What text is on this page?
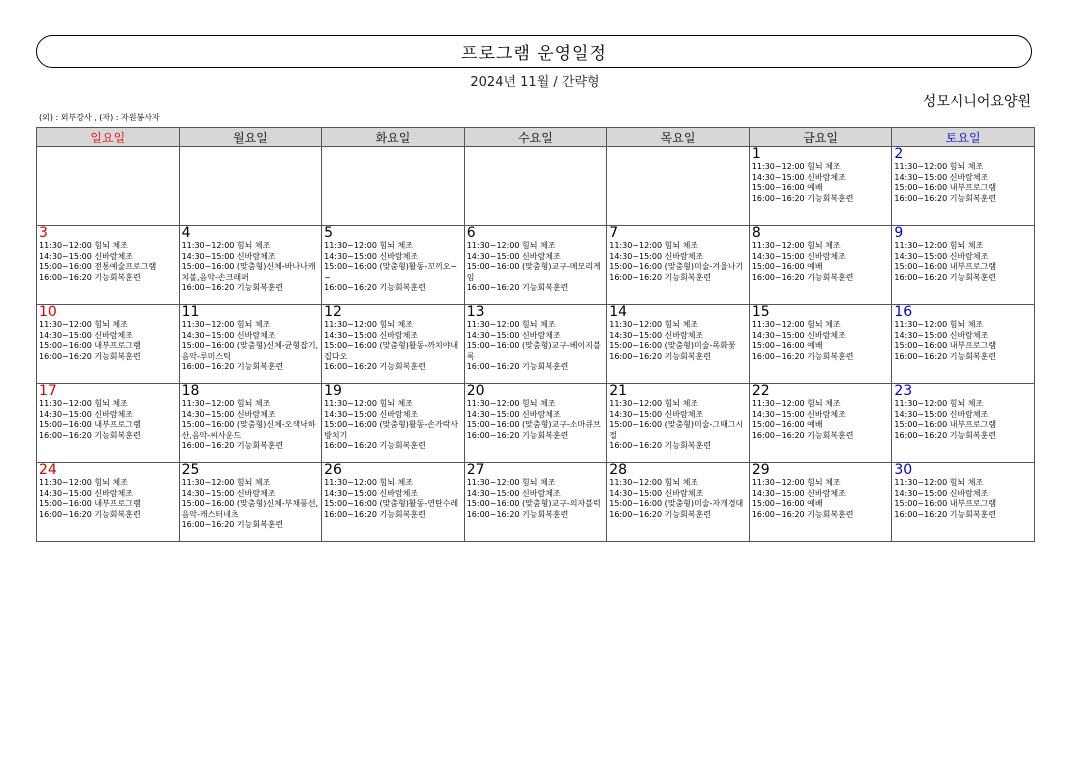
프로그램 운영일정
2024년 11월 / 간략형
성모시니어요양원
(외) : 외부강사 , (자) : 자원봉사자
일요일	월요일	화요일	수요일	목요일	금요일	토요일

					1
11:30~12:00 힘뇌 체조
14:30~15:00 신바람체조
15:00~16:00 예배
16:00~16:20 기능회복훈련	2
11:30~12:00 힘뇌 체조
14:30~15:00 신바람체조
15:00~16:00 내부프로그램
16:00~16:20 기능회복훈련

3
11:30~12:00 힘뇌 체조
14:30~15:00 신바람체조
15:00~16:00 전통예술프로그램
16:00~16:20 기능회복훈련	4
11:30~12:00 힘뇌 체조
14:30~15:00 신바람체조
15:00~16:00 (맞춤형)신체-바나나캐치볼,음악-손크래퍼
16:00~16:20 기능회복훈련	5
11:30~12:00 힘뇌 체조
14:30~15:00 신바람체조
15:00~16:00 (맞춤형)활동-꼬끼오~~
16:00~16:20 기능회복훈련	6
11:30~12:00 힘뇌 체조
14:30~15:00 신바람체조
15:00~16:00 (맞춤형)교구-메모리게임
16:00~16:20 기능회복훈련	7
11:30~12:00 힘뇌 체조
14:30~15:00 신바람체조
15:00~16:00 (맞춤형)미술-겨울나기
16:00~16:20 기능회복훈련	8
11:30~12:00 힘뇌 체조
14:30~15:00 신바람체조
15:00~16:00 예배
16:00~16:20 기능회복훈련	9
11:30~12:00 힘뇌 체조
14:30~15:00 신바람체조
15:00~16:00 내부프로그램
16:00~16:20 기능회복훈련

10
11:30~12:00 힘뇌 체조
14:30~15:00 신바람체조
15:00~16:00 내부프로그램
16:00~16:20 기능회복훈련	11
11:30~12:00 힘뇌 체조
14:30~15:00 신바람체조
15:00~16:00 (맞춤형)신체-균형잡기,음악-루미스틱
16:00~16:20 기능회복훈련	12
11:30~12:00 힘뇌 체조
14:30~15:00 신바람체조
15:00~16:00 (맞춤형)활동-까치야내집다오
16:00~16:20 기능회복훈련	13
11:30~12:00 힘뇌 체조
14:30~15:00 신바람체조
15:00~16:00 (맞춤형)교구-베이지블록
16:00~16:20 기능회복훈련	14
11:30~12:00 힘뇌 체조
14:30~15:00 신바람체조
15:00~16:00 (맞춤형)미술-목화꽃
16:00~16:20 기능회복훈련	15
11:30~12:00 힘뇌 체조
14:30~15:00 신바람체조
15:00~16:00 예배
16:00~16:20 기능회복훈련	16
11:30~12:00 힘뇌 체조
14:30~15:00 신바람체조
15:00~16:00 내부프로그램
16:00~16:20 기능회복훈련

17
11:30~12:00 힘뇌 체조
14:30~15:00 신바람체조
15:00~16:00 내부프로그램
16:00~16:20 기능회복훈련	18
11:30~12:00 힘뇌 체조
14:30~15:00 신바람체조
15:00~16:00 (맞춤형)신체-오색낙하산,음악-씨사운드
16:00~16:20 기능회복훈련	19
11:30~12:00 힘뇌 체조
14:30~15:00 신바람체조
15:00~16:00 (맞춤형)활동-손가락사방치기
16:00~16:20 기능회복훈련	20
11:30~12:00 힘뇌 체조
14:30~15:00 신바람체조
15:00~16:00 (맞춤형)교구-소마큐브
16:00~16:20 기능회복훈련	21
11:30~12:00 힘뇌 체조
14:30~15:00 신바람체조
15:00~16:00 (맞춤형)미술-그때그시절
16:00~16:20 기능회복훈련	22
11:30~12:00 힘뇌 체조
14:30~15:00 신바람체조
15:00~16:00 예배
16:00~16:20 기능회복훈련	23
11:30~12:00 힘뇌 체조
14:30~15:00 신바람체조
15:00~16:00 내부프로그램
16:00~16:20 기능회복훈련

24
11:30~12:00 힘뇌 체조
14:30~15:00 신바람체조
15:00~16:00 내부프로그램
16:00~16:20 기능회복훈련	25
11:30~12:00 힘뇌 체조
14:30~15:00 신바람체조
15:00~16:00 (맞춤형)신체-부채풍선,음악-캐스터네츠
16:00~16:20 기능회복훈련	26
11:30~12:00 힘뇌 체조
14:30~15:00 신바람체조
15:00~16:00 (맞춤형)활동-연탄수레
16:00~16:20 기능회복훈련	27
11:30~12:00 힘뇌 체조
14:30~15:00 신바람체조
15:00~16:00 (맞춤형)교구-의자블럭
16:00~16:20 기능회복훈련	28
11:30~12:00 힘뇌 체조
14:30~15:00 신바람체조
15:00~16:00 (맞춤형)미술-자개경대
16:00~16:20 기능회복훈련	29
11:30~12:00 힘뇌 체조
14:30~15:00 신바람체조
15:00~16:00 예배
16:00~16:20 기능회복훈련	30
11:30~12:00 힘뇌 체조
14:30~15:00 신바람체조
15:00~16:00 내부프로그램
16:00~16:20 기능회복훈련
